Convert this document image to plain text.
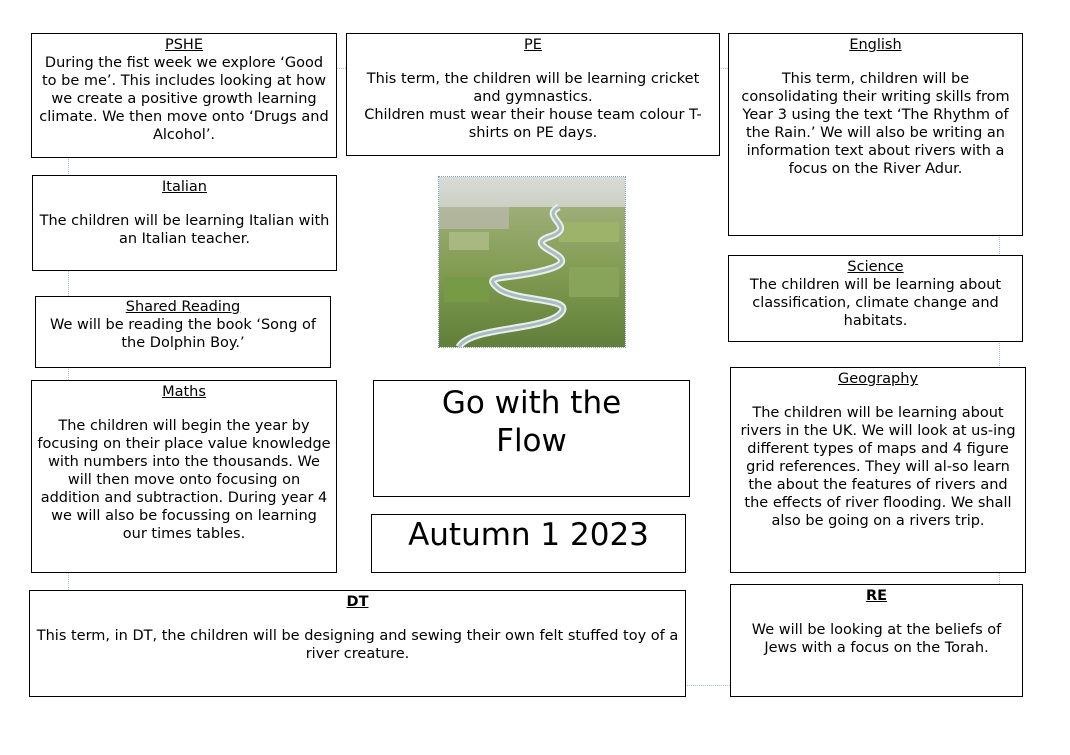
PSHE
During the fist week we explore ‘Good to be me’. This includes looking at how we create a positive growth learning climate. We then move onto ‘Drugs and Alcohol’.
PE
This term, the children will be learning cricket and gymnastics.
Children must wear their house team colour T-shirts on PE days.
English
This term, children will be consolidating their writing skills from Year 3 using the text ‘The Rhythm of the Rain.’ We will also be writing an information text about rivers with a focus on the River Adur.
Italian
The children will be learning Italian with an Italian teacher.
Shared Reading
We will be reading the book ‘Song of the Dolphin Boy.’
Science
The children will be learning about classification, climate change and habitats.
Maths
The children will begin the year by focusing on their place value knowledge with numbers into the thousands. We will then move onto focusing on addition and subtraction. During year 4 we will also be focussing on learning our times tables.
Go with the Flow
Autumn 1 2023
Geography
The children will be learning about rivers in the UK. We will look at us-ing different types of maps and 4 figure grid references. They will al-so learn the about the features of rivers and the effects of river flooding. We shall also be going on a rivers trip.
DT
This term, in DT, the children will be designing and sewing their own felt stuffed toy of a river creature.
RE
We will be looking at the beliefs of Jews with a focus on the Torah.
